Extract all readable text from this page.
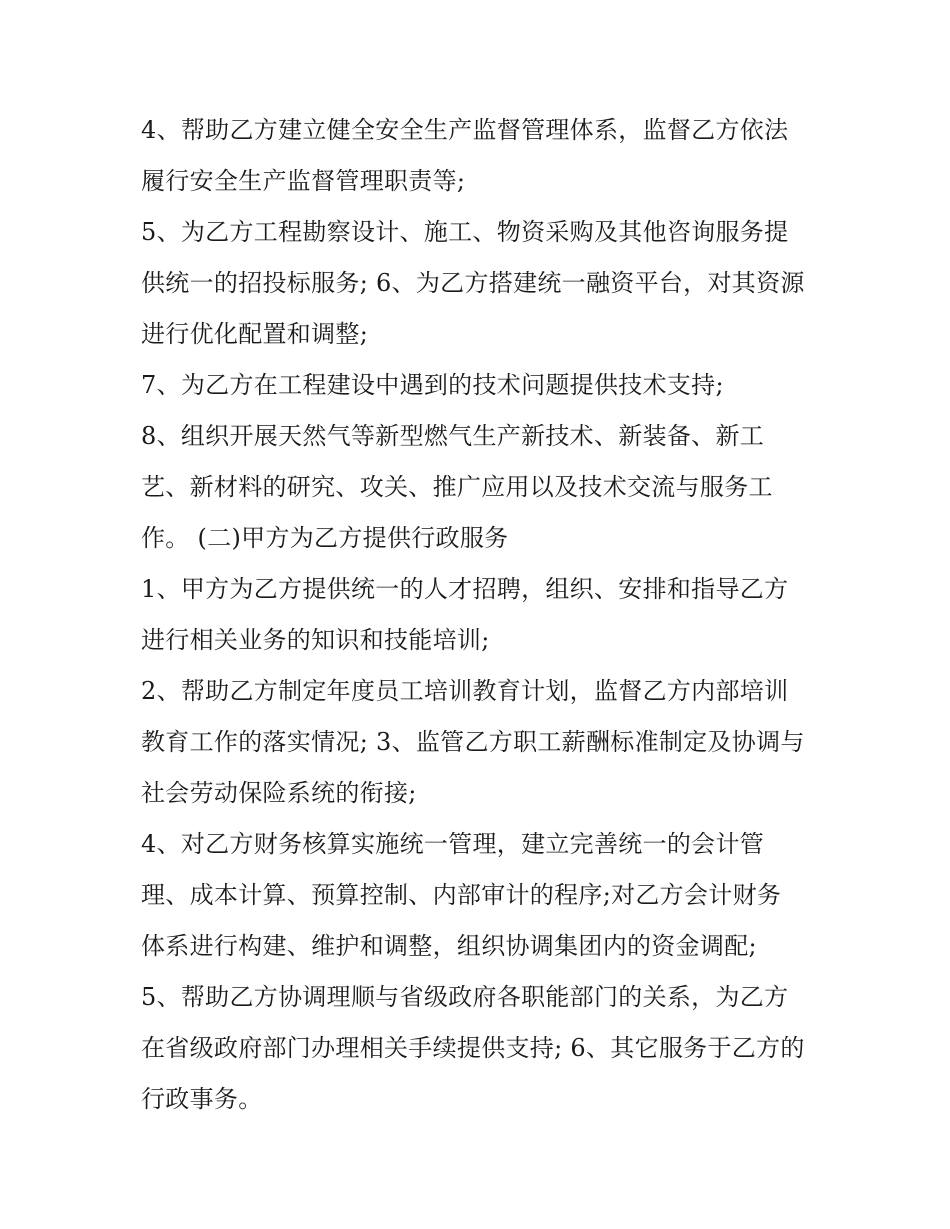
4、帮助乙方建立健全安全生产监督管理体系，监督乙方依法
履行安全生产监督管理职责等;
5、为乙方工程勘察设计、施工、物资采购及其他咨询服务提
供统一的招投标服务; 6、为乙方搭建统一融资平台，对其资源
进行优化配置和调整;
7、为乙方在工程建设中遇到的技术问题提供技术支持;
8、组织开展天然气等新型燃气生产新技术、新装备、新工
艺、新材料的研究、攻关、推广应用以及技术交流与服务工
作。 (二)甲方为乙方提供行政服务
1、甲方为乙方提供统一的人才招聘，组织、安排和指导乙方
进行相关业务的知识和技能培训;
2、帮助乙方制定年度员工培训教育计划，监督乙方内部培训
教育工作的落实情况; 3、监管乙方职工薪酬标准制定及协调与
社会劳动保险系统的衔接;
4、对乙方财务核算实施统一管理，建立完善统一的会计管
理、成本计算、预算控制、内部审计的程序;对乙方会计财务
体系进行构建、维护和调整，组织协调集团内的资金调配;
5、帮助乙方协调理顺与省级政府各职能部门的关系，为乙方
在省级政府部门办理相关手续提供支持; 6、其它服务于乙方的
行政事务。
